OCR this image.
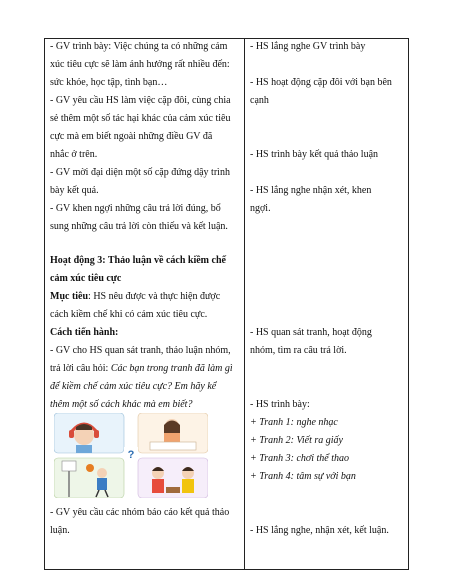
- GV trình bày: Việc chúng ta có những cảm
xúc tiêu cực sẽ làm ảnh hưởng rất nhiều đến:
sức khỏe, học tập, tình bạn…
- GV yêu cầu HS làm việc cặp đôi, cùng chia
sẻ thêm một số tác hại khác của cảm xúc tiêu
cực mà em biết ngoài những điều GV đã
nhắc ở trên.
- GV mời đại diện một số cặp đứng dậy trình
bày kết quả.
- GV khen ngợi những câu trả lời đúng, bổ
sung những câu trả lời còn thiếu và kết luận.
Hoạt động 3: Thảo luận về cách kiềm chế
cảm xúc tiêu cực
Mục tiêu: HS nêu được và thực hiện được
cách kiềm chế khi có cảm xúc tiêu cực.
Cách tiến hành:
- GV cho HS quan sát tranh, thảo luận nhóm,
trả lời câu hỏi: Các bạn trong tranh đã làm gì
để kiềm chế cảm xúc tiêu cực? Em hãy kể
thêm một số cách khác mà em biết?
?
- GV yêu cầu các nhóm báo cáo kết quả thảo
luận.
- HS lắng nghe GV trình bày
- HS hoạt động cặp đôi với bạn bên
cạnh
- HS trình bày kết quả thảo luận
- HS lắng nghe nhận xét, khen
ngợi.
- HS quan sát tranh, hoạt động
nhóm, tìm ra câu trả lời.
- HS trình bày:
+ Tranh 1: nghe nhạc
+ Tranh 2: Viết ra giấy
+ Tranh 3: chơi thể thao
+ Tranh 4: tâm sự với bạn
- HS lắng nghe, nhận xét, kết luận.
